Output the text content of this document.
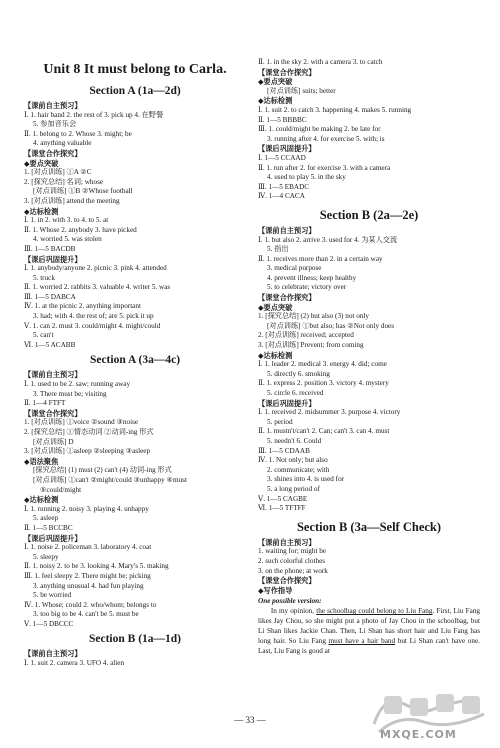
Unit 8 It must belong to Carla.
Section A (1a—2d)
【课前自主预习】
Ⅰ. 1. hair band 2. the rest of 3. pick up 4. 在野餐
5. 参加音乐会
Ⅱ. 1. belong to 2. Whose 3. might; be
4. anything valuable
【课堂合作探究】
◆要点突破
1. [对点训练] ①A ②C
2. [探究总结] 名词; whose
[对点训练] ①B ②Whose football
3. [对点训练] attend the meeting
◆达标检测
Ⅰ. 1. in 2. with 3. to 4. to 5. at
Ⅱ. 1. Whose 2. anybody 3. have picked
4. worried 5. was stolen
Ⅲ. 1—5 BACDB
【课后巩固提升】
Ⅰ. 1. anybody/anyone 2. picnic 3. pink 4. attended
5. truck
Ⅱ. 1. worried 2. rabbits 3. valuable 4. writer 5. was
Ⅲ. 1—5 DABCA
Ⅳ. 1. at the picnic 2. anything important
3. had; with 4. the rest of; are 5. pick it up
Ⅴ. 1. can 2. must 3. could/might 4. might/could
5. can't
Ⅵ. 1—5 ACABB
Section A (3a—4c)
【课前自主预习】
Ⅰ. 1. used to be 2. saw; running away
3. There must be; visiting
Ⅱ. 1—4 FTFT
【课堂合作探究】
1. [对点训练] ①voice ②sound ③noise
2. [探究总结] ①情态动词 ②动词-ing 形式
[对点训练] D
3. [对点训练] ①asleep ②sleeping ③asleep
◆语法聚焦
[探究总结] (1) must (2) can't (4) 动词-ing 形式
[对点训练] ①can't ②might/could ③unhappy ④must
⑤could/might
◆达标检测
Ⅰ. 1. running 2. noisy 3. playing 4. unhappy
5. asleep
Ⅱ. 1—5 BCCBC
【课后巩固提升】
Ⅰ. 1. noise 2. policeman 3. laboratory 4. coat
5. sleepy
Ⅱ. 1. noisy 2. to be 3. looking 4. Mary's 5. making
Ⅲ. 1. feel sleepy 2. There might be; picking
3. anything unusual 4. had fun playing
5. be worried
Ⅳ. 1. Whose; could 2. who/whom; belongs to
3. too big to be 4. can't be 5. must be
Ⅴ. 1—5 DBCCC
Section B (1a—1d)
【课前自主预习】
Ⅰ. 1. suit 2. camera 3. UFO 4. alien
Ⅱ. 1. in the sky 2. with a camera 3. to catch
【课堂合作探究】
◆要点突破
[对点训练] suits; better
◆达标检测
Ⅰ. 1. suit 2. to catch 3. happening 4. makes 5. running
Ⅱ. 1—5 BBBBC
Ⅲ. 1. could/might be making 2. be late for
3. running after 4. for exercise 5. with; is
【课后巩固提升】
Ⅰ. 1—5 CCAAD
Ⅱ. 1. run after 2. for exercise 3. with a camera
4. used to play 5. in the sky
Ⅲ. 1—5 EBADC
Ⅳ. 1—4 CACA
Section B (2a—2e)
【课前自主预习】
Ⅰ. 1. but also 2. arrive 3. used for 4. 为某人交流
5. 指出
Ⅱ. 1. receives more than 2. in a certain way
3. medical purpose
4. prevent illness; keep healthy
5. to celebrate; victory over
【课堂合作探究】
◆要点突破
1. [探究总结] (2) but also (3) not only
[对点训练] ①but also; has ②Not only does
2. [对点训练] received; accepted
3. [对点训练] Prevent; from coming
◆达标检测
Ⅰ. 1. leader 2. medical 3. energy 4. did; come
5. directly 6. smoking
Ⅱ. 1. express 2. position 3. victory 4. mystery
5. circle 6. received
【课后巩固提升】
Ⅰ. 1. received 2. midsummer 3. purpose 4. victory
5. period
Ⅱ. 1. mustn't/can't 2. Can; can't 3. can 4. must
5. needn't 6. Could
Ⅲ. 1—5 CDAAB
Ⅳ. 1. Not only; but also
2. communicate; with
3. shines into 4. is used for
5. a long period of
Ⅴ. 1—5 CAGBE
Ⅵ. 1—5 TFTFF
Section B (3a—Self Check)
【课前自主预习】
1. waiting for; might be
2. such colorful clothes
3. on the phone; at work
【课堂合作探究】
◆写作指导
One possible version:
In my opinion, the schoolbag could belong to Liu Fang. First, Liu Fang likes Jay Chou, so she might put a photo of Jay Chou in the schoolbag, but Li Shan likes Jackie Chan. Then, Li Shan has short hair and Liu Fang has long hair. So Liu Fang must have a hair band but Li Shan can't have one. Last, Liu Fang is good at
— 33 —
MXQE.COM
